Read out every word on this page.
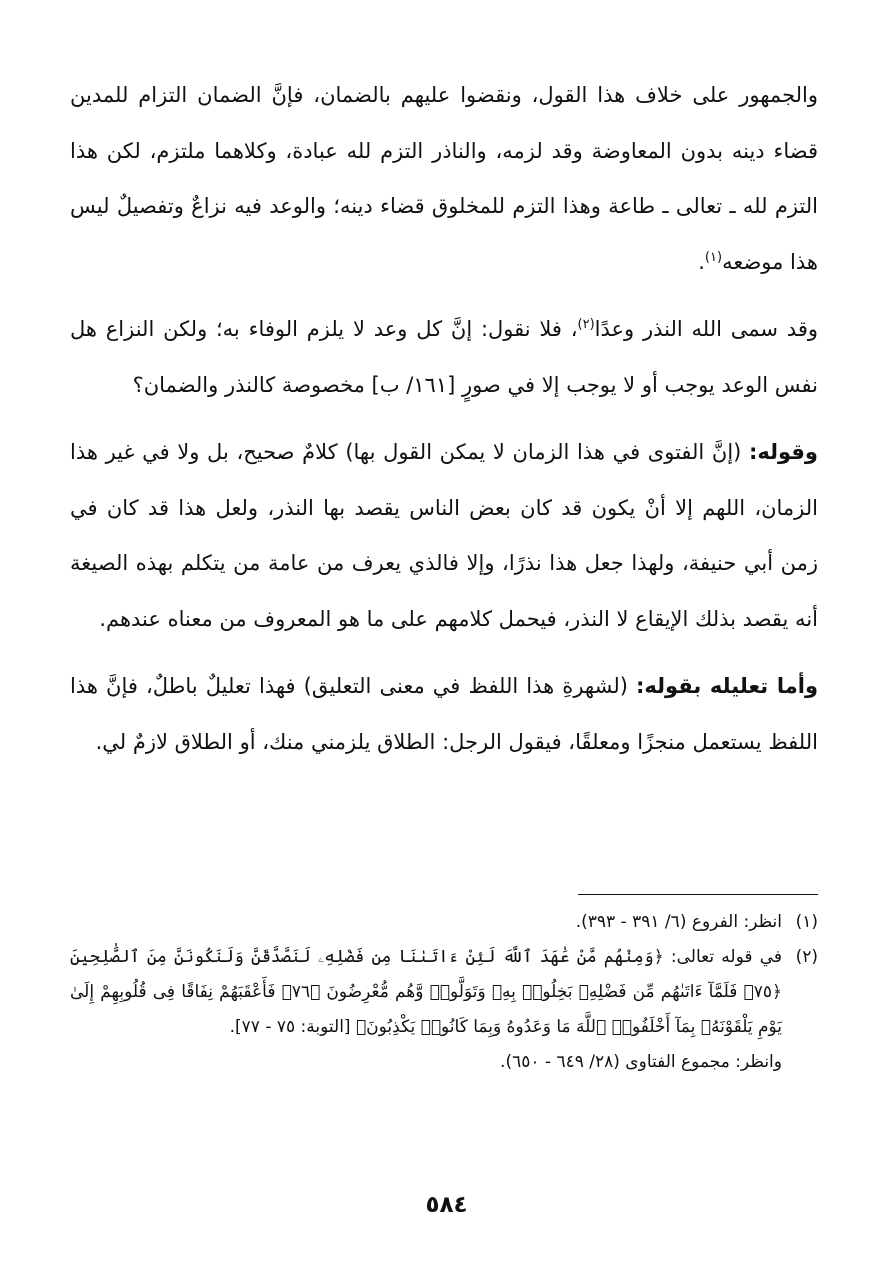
والجمهور على خلاف هذا القول، ونقضوا عليهم بالضمان، فإنَّ الضمان التزام للمدين قضاء دينه بدون المعاوضة وقد لزمه، والناذر التزم لله عبادة، وكلاهما ملتزم، لكن هذا التزم لله ـ تعالى ـ طاعة وهذا التزم للمخلوق قضاء دينه؛ والوعد فيه نزاعٌ وتفصيلٌ ليس هذا موضعه$^{(١)}$.

وقد سمى الله النذر وعدًا$^{(٢)}$، فلا نقول: إنَّ كل وعد لا يلزم الوفاء به؛ ولكن النزاع هل نفس الوعد يوجب أو لا يوجب إلا في صورٍ [١٦١/ ب] مخصوصة كالنذر والضمان؟

وقوله: (إنَّ الفتوى في هذا الزمان لا يمكن القول بها) كلامٌ صحيح، بل ولا في غير هذا الزمان، اللهم إلا أنْ يكون قد كان بعض الناس يقصد بها النذر، ولعل هذا قد كان في زمن أبي حنيفة، ولهذا جعل هذا نذرًا، وإلا فالذي يعرف من عامة من يتكلم بهذه الصيغة أنه يقصد بذلك الإيقاع لا النذر، فيحمل كلامهم على ما هو المعروف من معناه عندهم.

وأما تعليله بقوله: (لشهرةِ هذا اللفظ في معنى التعليق) فهذا تعليلٌ باطلٌ، فإنَّ هذا اللفظ يستعمل منجزًا ومعلقًا، فيقول الرجل: الطلاق يلزمني منك، أو الطلاق لازمٌ لي.

(١)
انظر: الفروع (٦/ ٣٩١ - ٣٩٣).
(٢)
في قوله تعالى: ﴿وَمِنْهُم مَّنْ عَٰهَدَ ٱللَّهَ لَئِنْ ءَاتَىٰنَا مِن فَضْلِهِۦ لَنَصَّدَّقَنَّ وَلَنَكُونَنَّ مِنَ ٱلصَّٰلِحِينَ ﴿٧٥﴾ فَلَمَّآ ءَاتَىٰهُم مِّن فَضْلِهِۦ بَخِلُوا۟ بِهِۦ وَتَوَلَّوا۟ وَّهُم مُّعْرِضُونَ ﴿٧٦﴾ فَأَعْقَبَهُمْ نِفَاقًا فِى قُلُوبِهِمْ إِلَىٰ يَوْمِ يَلْقَوْنَهُۥ بِمَآ أَخْلَفُوا۟ ٱللَّهَ مَا وَعَدُوهُ وَبِمَا كَانُوا۟ يَكْذِبُونَ﴾ [التوبة: ٧٥ - ٧٧].
وانظر: مجموع الفتاوى (٢٨/ ٦٤٩ - ٦٥٠).
٥٨٤
